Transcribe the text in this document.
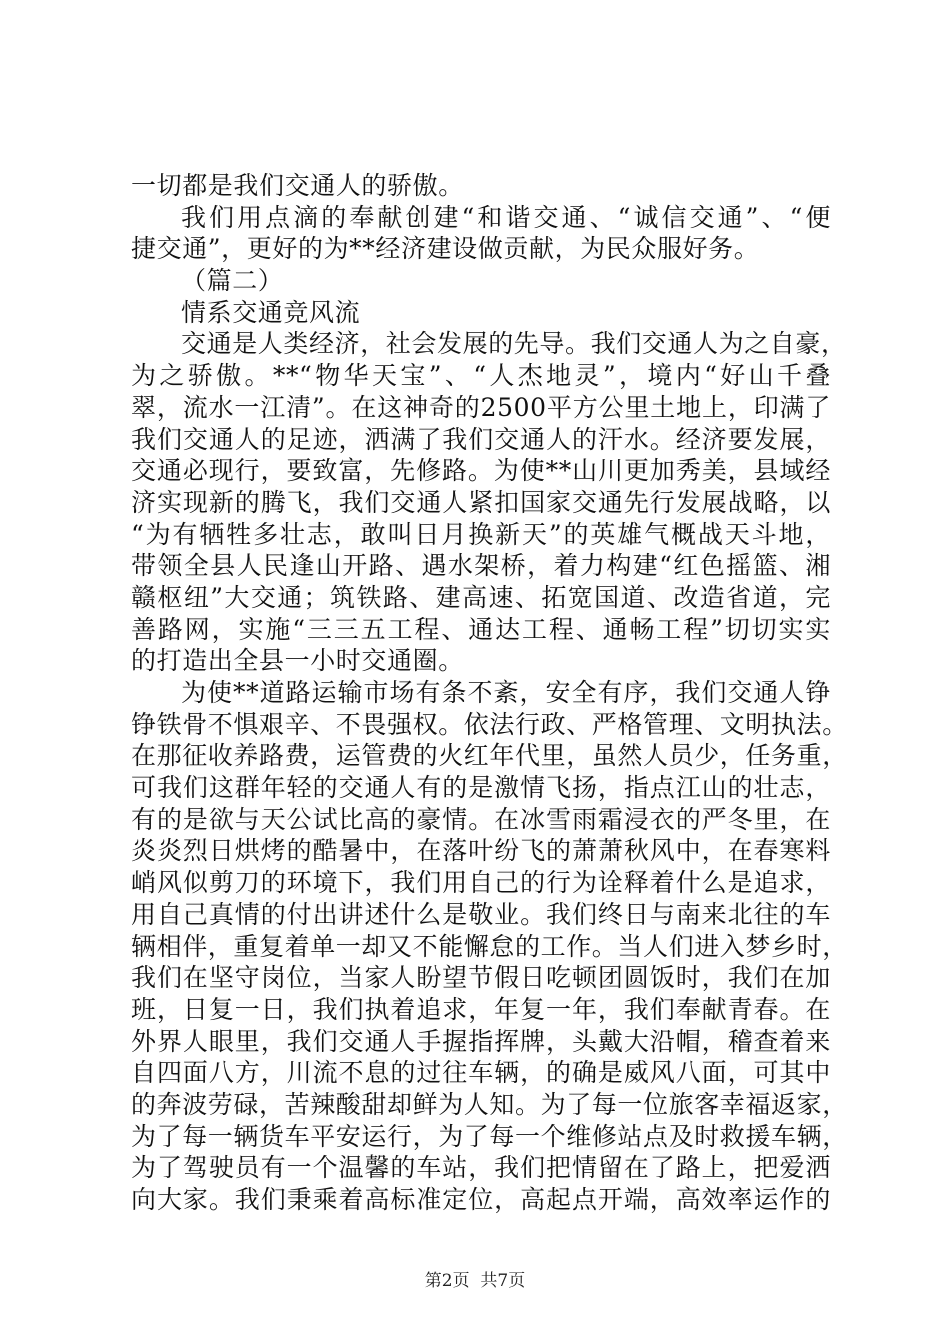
一切都是我们交通人的骄傲。
我们用点滴的奉献创建“和谐交通、“诚信交通”、“便
捷交通”，更好的为**经济建设做贡献，为民众服好务。
（篇二）
情系交通竞风流
交通是人类经济，社会发展的先导。我们交通人为之自豪，
为之骄傲。**“物华天宝”、“人杰地灵”，境内“好山千叠
翠，流水一江清”。在这神奇的2500平方公里土地上，印满了
我们交通人的足迹，洒满了我们交通人的汗水。经济要发展，
交通必现行，要致富，先修路。为使**山川更加秀美，县域经
济实现新的腾飞，我们交通人紧扣国家交通先行发展战略，以
“为有牺牲多壮志，敢叫日月换新天”的英雄气概战天斗地，
带领全县人民逢山开路、遇水架桥，着力构建“红色摇篮、湘
赣枢纽”大交通；筑铁路、建高速、拓宽国道、改造省道，完
善路网，实施“三三五工程、通达工程、通畅工程”切切实实
的打造出全县一小时交通圈。
为使**道路运输市场有条不紊，安全有序，我们交通人铮
铮铁骨不惧艰辛、不畏强权。依法行政、严格管理、文明执法。
在那征收养路费，运管费的火红年代里，虽然人员少，任务重，
可我们这群年轻的交通人有的是激情飞扬，指点江山的壮志，
有的是欲与天公试比高的豪情。在冰雪雨霜浸衣的严冬里，在
炎炎烈日烘烤的酷暑中，在落叶纷飞的萧萧秋风中，在春寒料
峭风似剪刀的环境下，我们用自己的行为诠释着什么是追求，
用自己真情的付出讲述什么是敬业。我们终日与南来北往的车
辆相伴，重复着单一却又不能懈怠的工作。当人们进入梦乡时，
我们在坚守岗位，当家人盼望节假日吃顿团圆饭时，我们在加
班，日复一日，我们执着追求，年复一年，我们奉献青春。在
外界人眼里，我们交通人手握指挥牌，头戴大沿帽，稽查着来
自四面八方，川流不息的过往车辆，的确是威风八面，可其中
的奔波劳碌，苦辣酸甜却鲜为人知。为了每一位旅客幸福返家，
为了每一辆货车平安运行，为了每一个维修站点及时救援车辆，
为了驾驶员有一个温馨的车站，我们把情留在了路上，把爱洒
向大家。我们秉乘着高标准定位，高起点开端，高效率运作的
第2页  共7页
